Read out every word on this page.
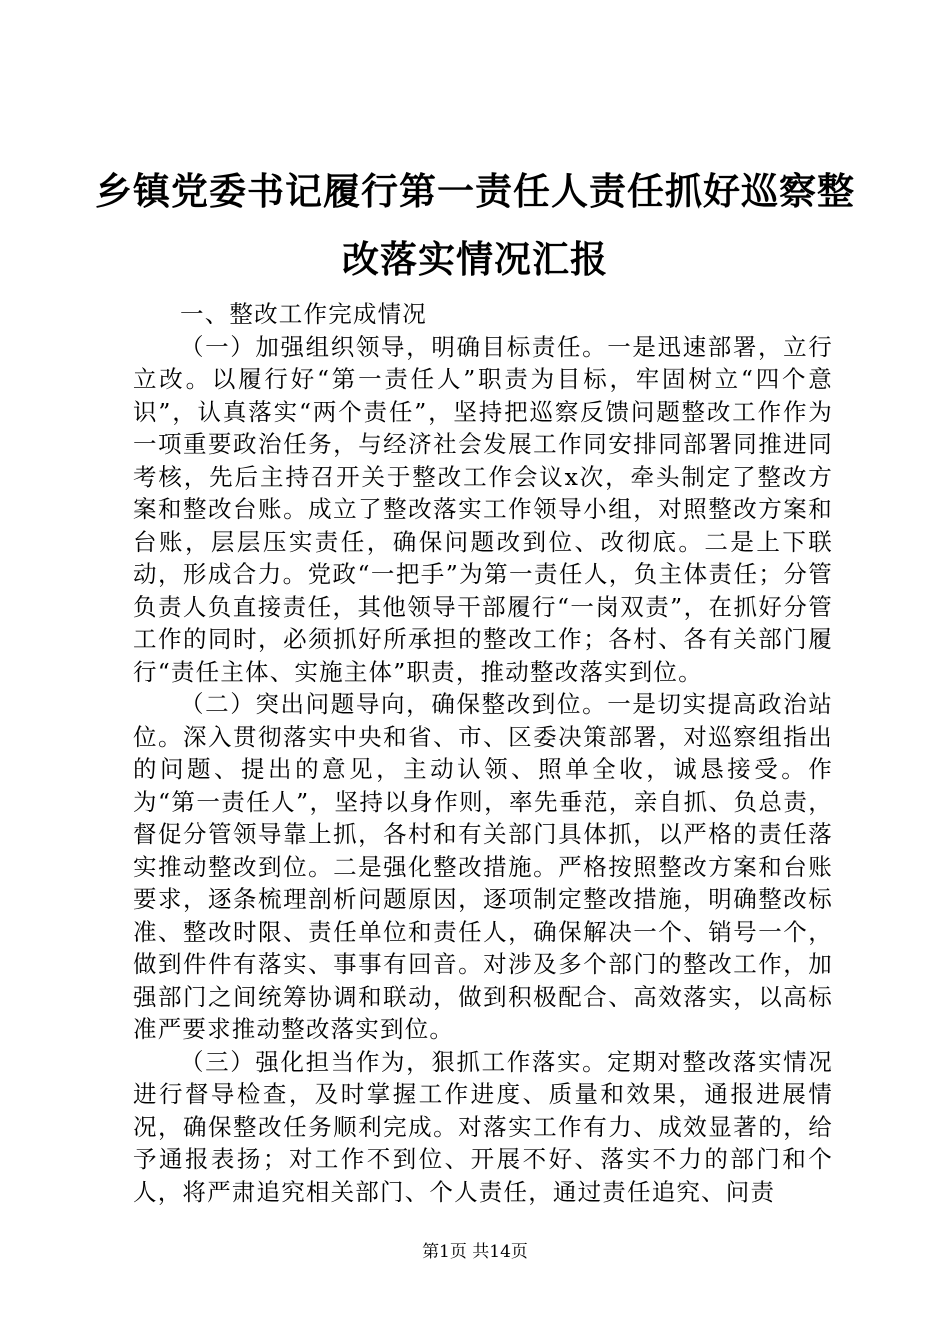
乡镇党委书记履行第一责任人责任抓好巡察整改落实情况汇报

一、整改工作完成情况

（一）加强组织领导，明确目标责任。一是迅速部署，立行立改。以履行好“第一责任人”职责为目标，牢固树立“四个意识”，认真落实“两个责任”，坚持把巡察反馈问题整改工作作为一项重要政治任务，与经济社会发展工作同安排同部署同推进同考核，先后主持召开关于整改工作会议x次，牵头制定了整改方案和整改台账。成立了整改落实工作领导小组，对照整改方案和台账，层层压实责任，确保问题改到位、改彻底。二是上下联动，形成合力。党政“一把手”为第一责任人，负主体责任；分管负责人负直接责任，其他领导干部履行“一岗双责”，在抓好分管工作的同时，必须抓好所承担的整改工作；各村、各有关部门履行“责任主体、实施主体”职责，推动整改落实到位。

（二）突出问题导向，确保整改到位。一是切实提高政治站位。深入贯彻落实中央和省、市、区委决策部署，对巡察组指出的问题、提出的意见，主动认领、照单全收，诚恳接受。作为“第一责任人”，坚持以身作则，率先垂范，亲自抓、负总责，督促分管领导靠上抓，各村和有关部门具体抓，以严格的责任落实推动整改到位。二是强化整改措施。严格按照整改方案和台账要求，逐条梳理剖析问题原因，逐项制定整改措施，明确整改标准、整改时限、责任单位和责任人，确保解决一个、销号一个，做到件件有落实、事事有回音。对涉及多个部门的整改工作，加强部门之间统筹协调和联动，做到积极配合、高效落实，以高标准严要求推动整改落实到位。

（三）强化担当作为，狠抓工作落实。定期对整改落实情况进行督导检查，及时掌握工作进度、质量和效果，通报进展情况，确保整改任务顺利完成。对落实工作有力、成效显著的，给予通报表扬；对工作不到位、开展不好、落实不力的部门和个人，将严肃追究相关部门、个人责任，通过责任追究、问责

第1页 共14页
